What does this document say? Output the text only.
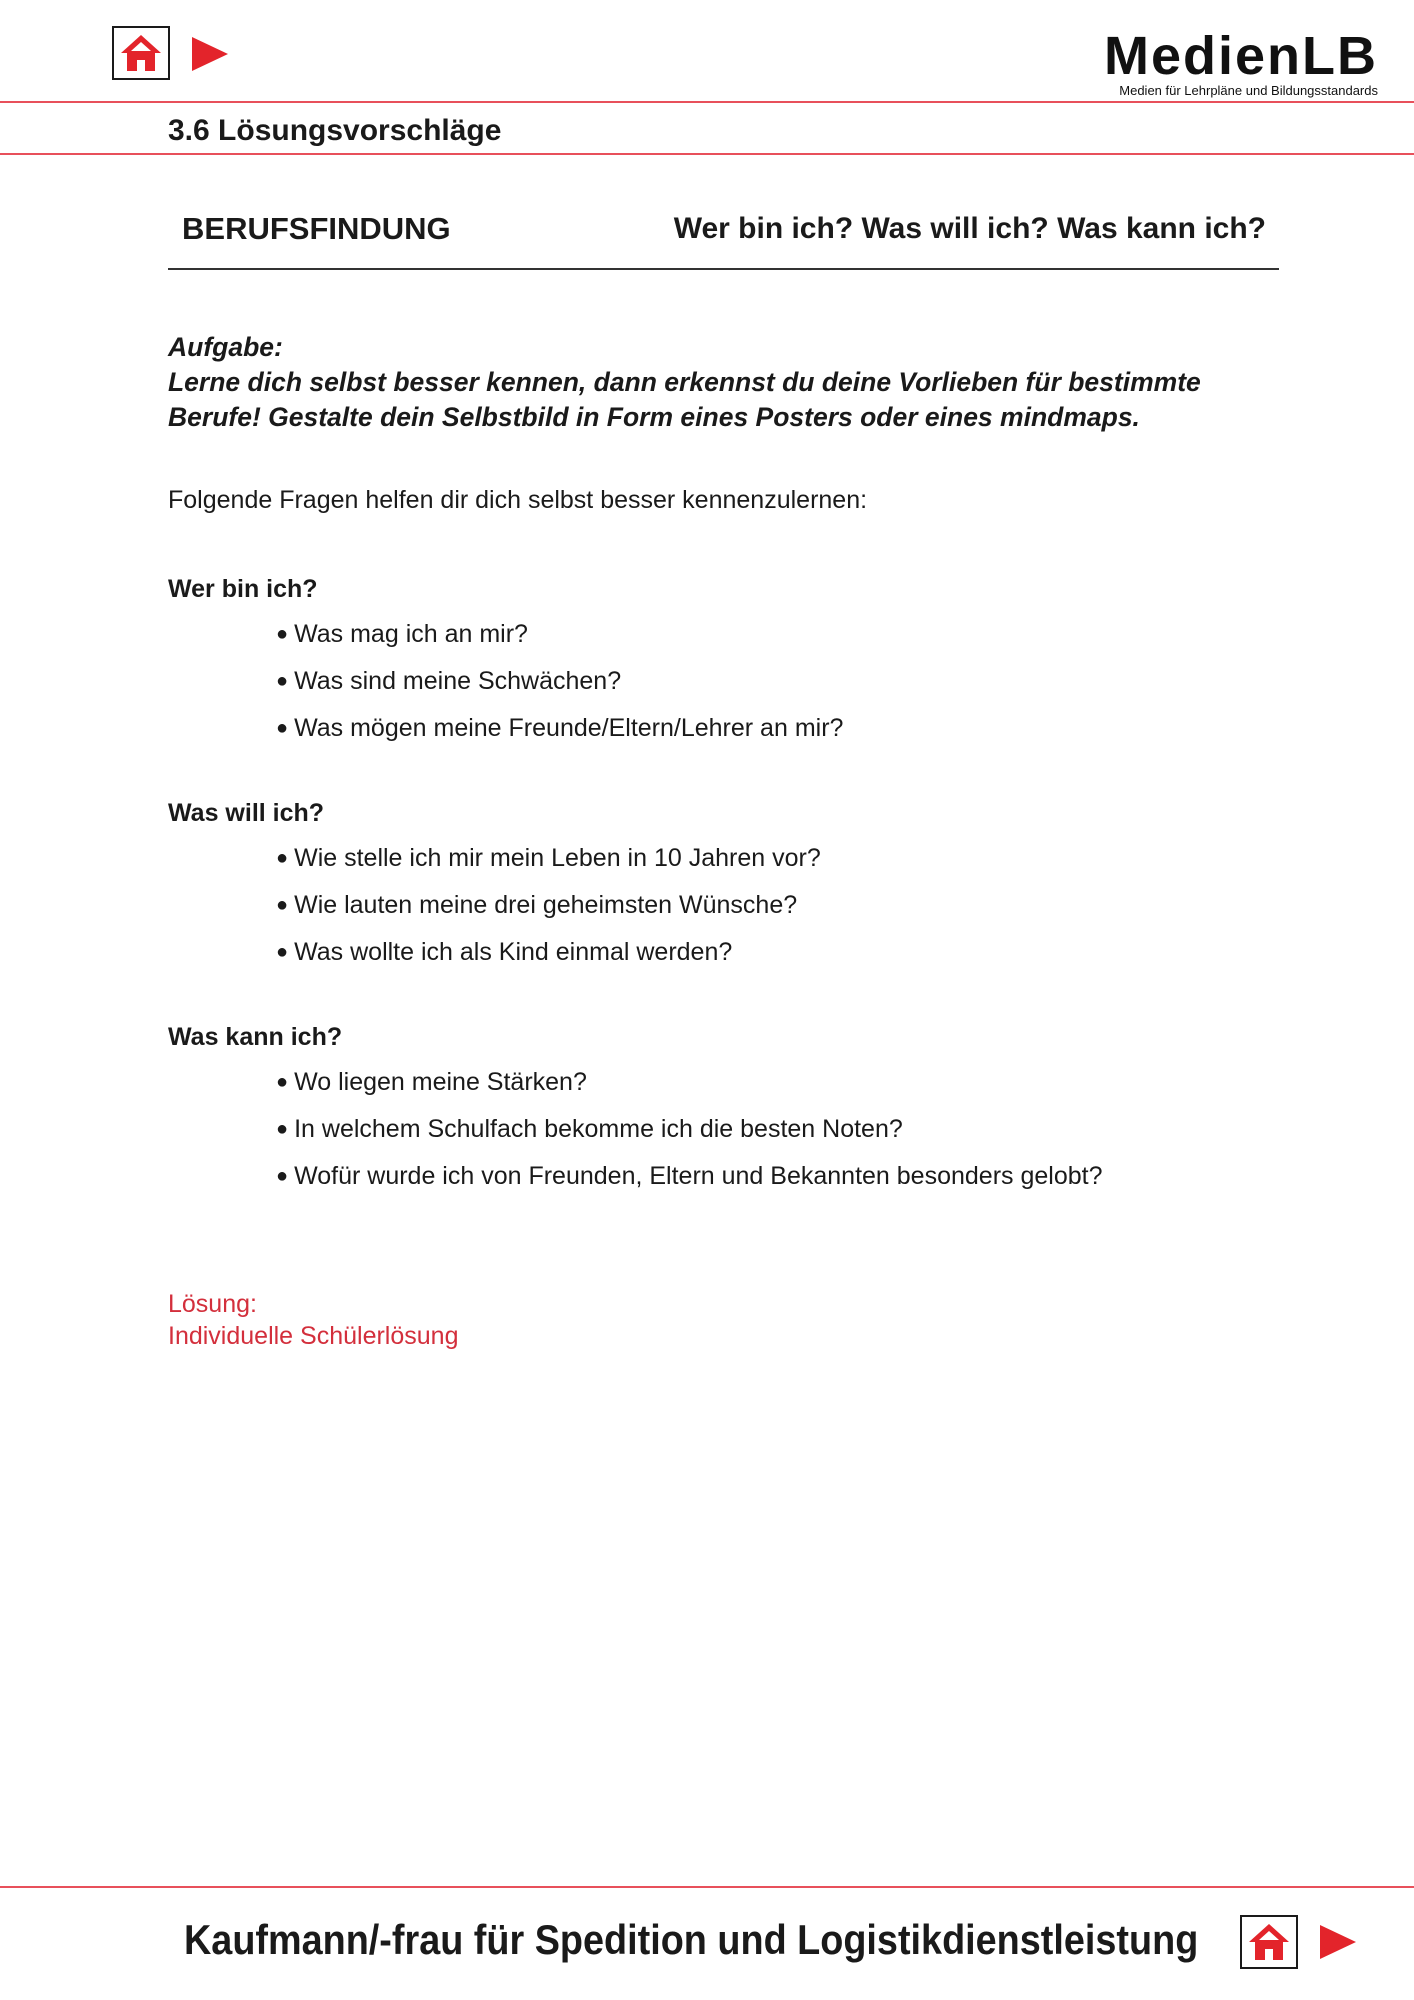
MedienLB
Medien für Lehrpläne und Bildungsstandards
3.6 Lösungsvorschläge
BERUFSFINDUNG	Wer bin ich? Was will ich? Was kann ich?
Aufgabe:
Lerne dich selbst besser kennen, dann erkennst du deine Vorlieben für bestimmte
Berufe! Gestalte dein Selbstbild in Form eines Posters oder eines mindmaps.
Folgende Fragen helfen dir dich selbst besser kennenzulernen:
Wer bin ich?
● Was mag ich an mir?
● Was sind meine Schwächen?
● Was mögen meine Freunde/Eltern/Lehrer an mir?
Was will ich?
● Wie stelle ich mir mein Leben in 10 Jahren vor?
● Wie lauten meine drei geheimsten Wünsche?
● Was wollte ich als Kind einmal werden?
Was kann ich?
● Wo liegen meine Stärken?
● In welchem Schulfach bekomme ich die besten Noten?
● Wofür wurde ich von Freunden, Eltern und Bekannten besonders gelobt?
Lösung:
Individuelle Schülerlösung
Kaufmann/-frau für Spedition und Logistikdienstleistung
